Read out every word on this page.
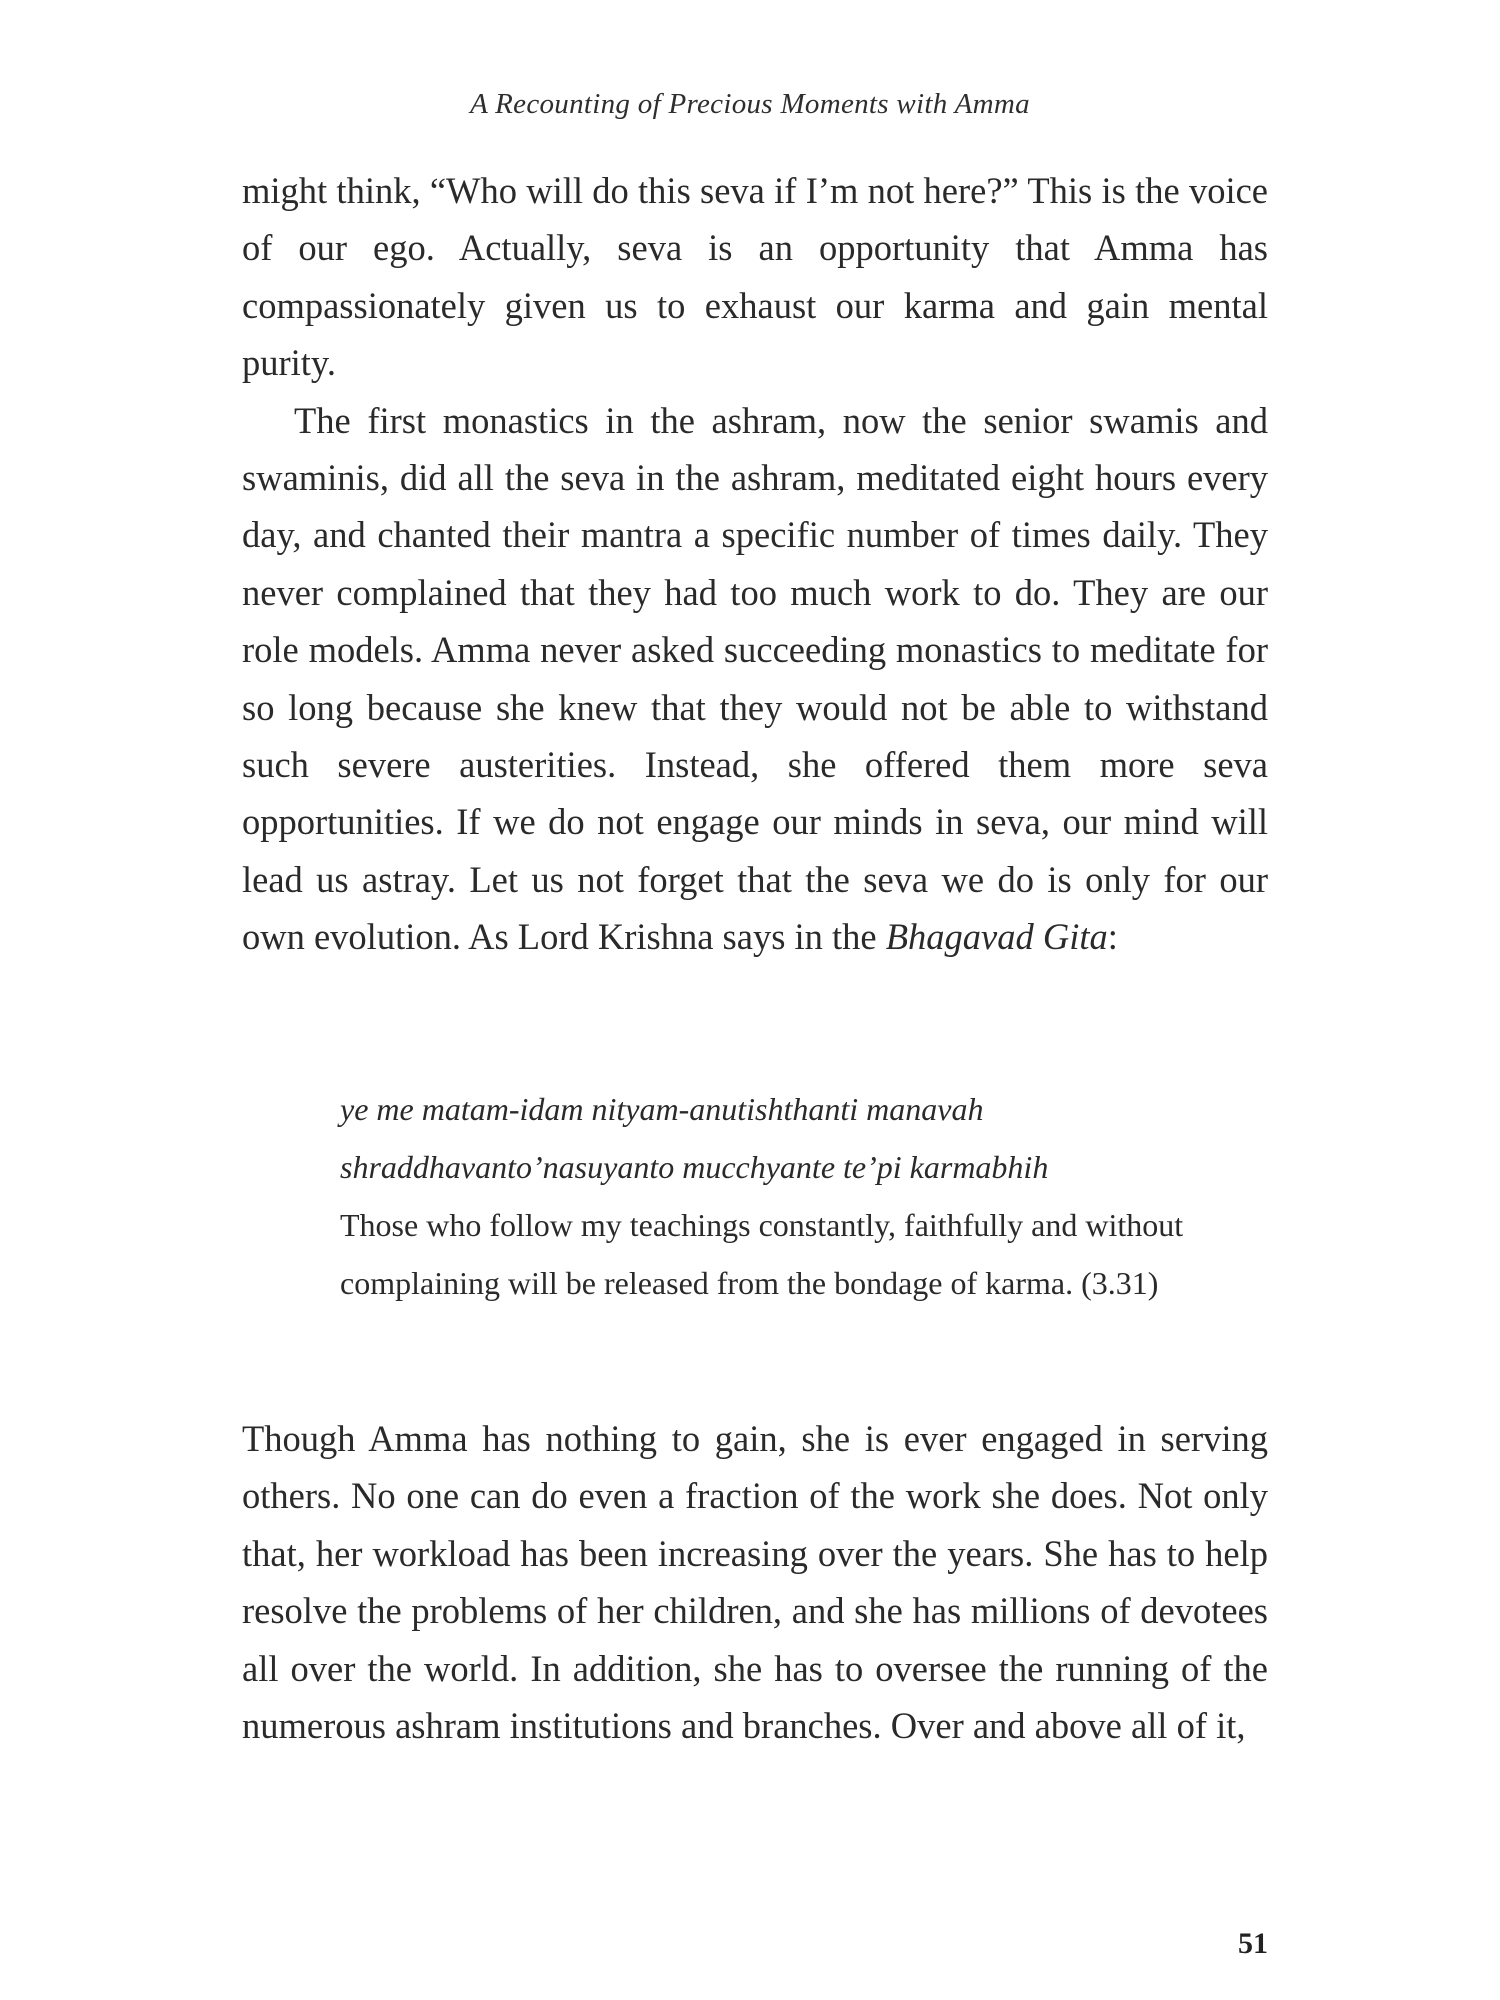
A Recounting of Precious Moments with Amma

might think, “Who will do this seva if I’m not here?” This is the voice of our ego. Actually, seva is an opportunity that Amma has compassionately given us to exhaust our karma and gain mental purity.

The first monastics in the ashram, now the senior swamis and swaminis, did all the seva in the ashram, meditated eight hours every day, and chanted their mantra a specific number of times daily. They never complained that they had too much work to do. They are our role models. Amma never asked succeeding monastics to meditate for so long because she knew that they would not be able to withstand such severe austerities. Instead, she offered them more seva opportunities. If we do not engage our minds in seva, our mind will lead us astray. Let us not forget that the seva we do is only for our own evolution. As Lord Krishna says in the Bhagavad Gita:

ye me matam-idam nityam-anutishthanti manavah
shraddhavanto’nasuyanto mucchyante te’pi karmabhih
Those who follow my teachings constantly, faithfully and without complaining will be released from the bondage of karma. (3.31)

Though Amma has nothing to gain, she is ever engaged in serving others. No one can do even a fraction of the work she does. Not only that, her workload has been increasing over the years. She has to help resolve the problems of her children, and she has millions of devotees all over the world. In addition, she has to oversee the running of the numerous ashram institutions and branches. Over and above all of it,

51
